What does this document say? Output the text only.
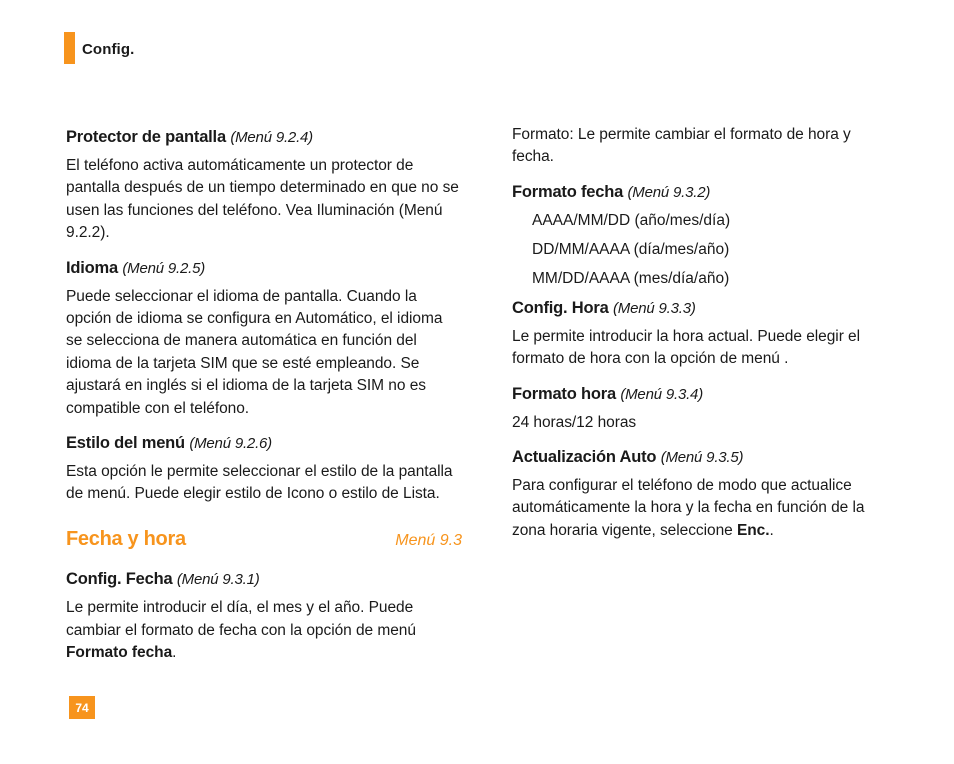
Config.
Protector de pantalla (Menú 9.2.4)
El teléfono activa automáticamente un protector de pantalla después de un tiempo determinado en que no se usen las funciones del teléfono. Vea Iluminación (Menú 9.2.2).
Idioma (Menú 9.2.5)
Puede seleccionar el idioma de pantalla. Cuando la opción de idioma se configura en Automático, el idioma se selecciona de manera automática en función del idioma de la tarjeta SIM que se esté empleando. Se ajustará en inglés si el idioma de la tarjeta SIM no es compatible con el teléfono.
Estilo del menú (Menú 9.2.6)
Esta opción le permite seleccionar el estilo de la pantalla de menú. Puede elegir estilo de Icono o estilo de Lista.
Fecha y hora	Menú 9.3
Config. Fecha (Menú 9.3.1)
Le permite introducir el día, el mes y el año. Puede cambiar el formato de fecha con la opción de menú Formato fecha.
Formato: Le permite cambiar el formato de hora y fecha.
Formato fecha (Menú 9.3.2)
AAAA/MM/DD (año/mes/día)
DD/MM/AAAA (día/mes/año)
MM/DD/AAAA (mes/día/año)
Config. Hora (Menú 9.3.3)
Le permite introducir la hora actual. Puede elegir el formato de hora con la opción de menú .
Formato hora (Menú 9.3.4)
24 horas/12 horas
Actualización Auto (Menú 9.3.5)
Para configurar el teléfono de modo que actualice automáticamente la hora y la fecha en función de la zona horaria vigente, seleccione Enc..
74
